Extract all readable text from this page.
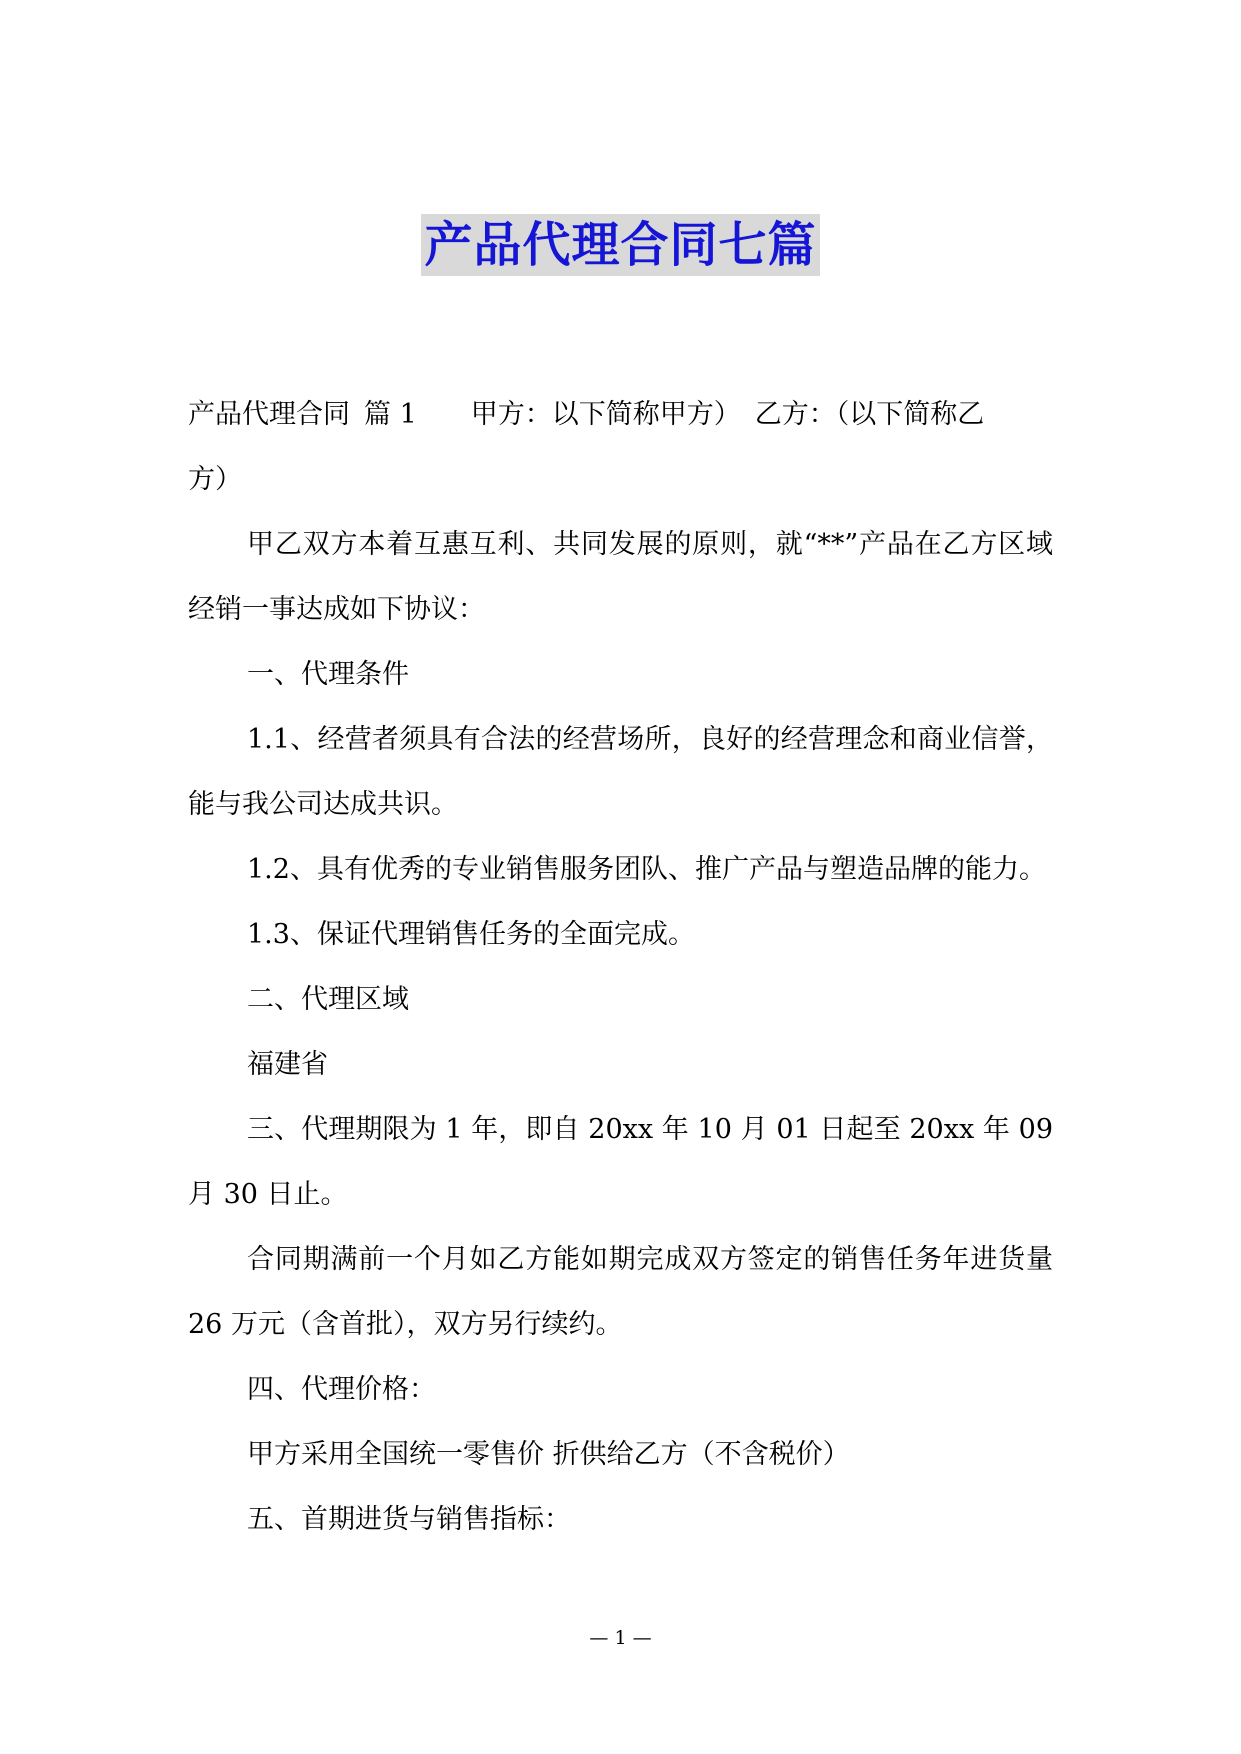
产品代理合同七篇

产品代理合同 篇 1 甲方：以下简称甲方） 乙方：（以下简称乙
方）

甲乙双方本着互惠互利、共同发展的原则，就“**”产品在乙方区域经销一事达成如下协议：

一、代理条件

1.1、经营者须具有合法的经营场所，良好的经营理念和商业信誉，能与我公司达成共识。

1.2、具有优秀的专业销售服务团队、推广产品与塑造品牌的能力。

1.3、保证代理销售任务的全面完成。

二、代理区域

福建省

三、代理期限为 1 年，即自 20xx 年 10 月 01 日起至 20xx 年 09 月 30 日止。

合同期满前一个月如乙方能如期完成双方签定的销售任务年进货量 26 万元（含首批），双方另行续约。

四、代理价格：

甲方采用全国统一零售价 折供给乙方（不含税价）

五、首期进货与销售指标：

— 1 —
